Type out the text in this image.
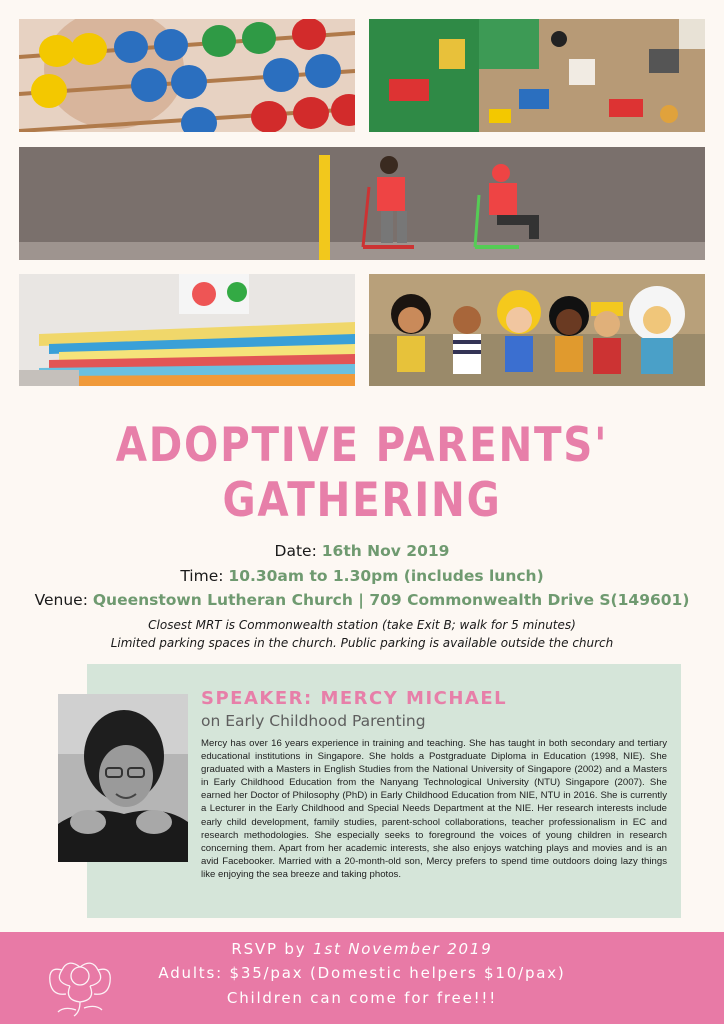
ADOPTIVE PARENTS'
GATHERING
Date: 16th Nov 2019
Time: 10.30am to 1.30pm (includes lunch)
Venue: Queenstown Lutheran Church | 709 Commonwealth Drive S(149601)
Closest MRT is Commonwealth station (take Exit B; walk for 5 minutes)
Limited parking spaces in the church. Public parking is available outside the church
SPEAKER: MERCY MICHAEL
on Early Childhood Parenting
Mercy has over 16 years experience in training and teaching. She has taught in both secondary and tertiary educational institutions in Singapore. She holds a Postgraduate Diploma in Education (1998, NIE). She graduated with a Masters in English Studies from the National University of Singapore (2002) and a Masters in Early Childhood Education from the Nanyang Technological University (NTU) Singapore (2007). She earned her Doctor of Philosophy (PhD) in Early Childhood Education from NIE, NTU in 2016. She is currently a Lecturer in the Early Childhood and Special Needs Department at the NIE. Her research interests include early child development, family studies, parent-school collaborations, teacher professionalism in EC and research methodologies. She especially seeks to foreground the voices of young children in research concerning them. Apart from her academic interests, she also enjoys watching plays and movies and is an avid Facebooker. Married with a 20-month-old son, Mercy prefers to spend time outdoors doing lazy things like enjoying the sea breeze and taking photos.
RSVP by 1st November 2019
Adults: $35/pax (Domestic helpers $10/pax)
Children can come for free!!!
